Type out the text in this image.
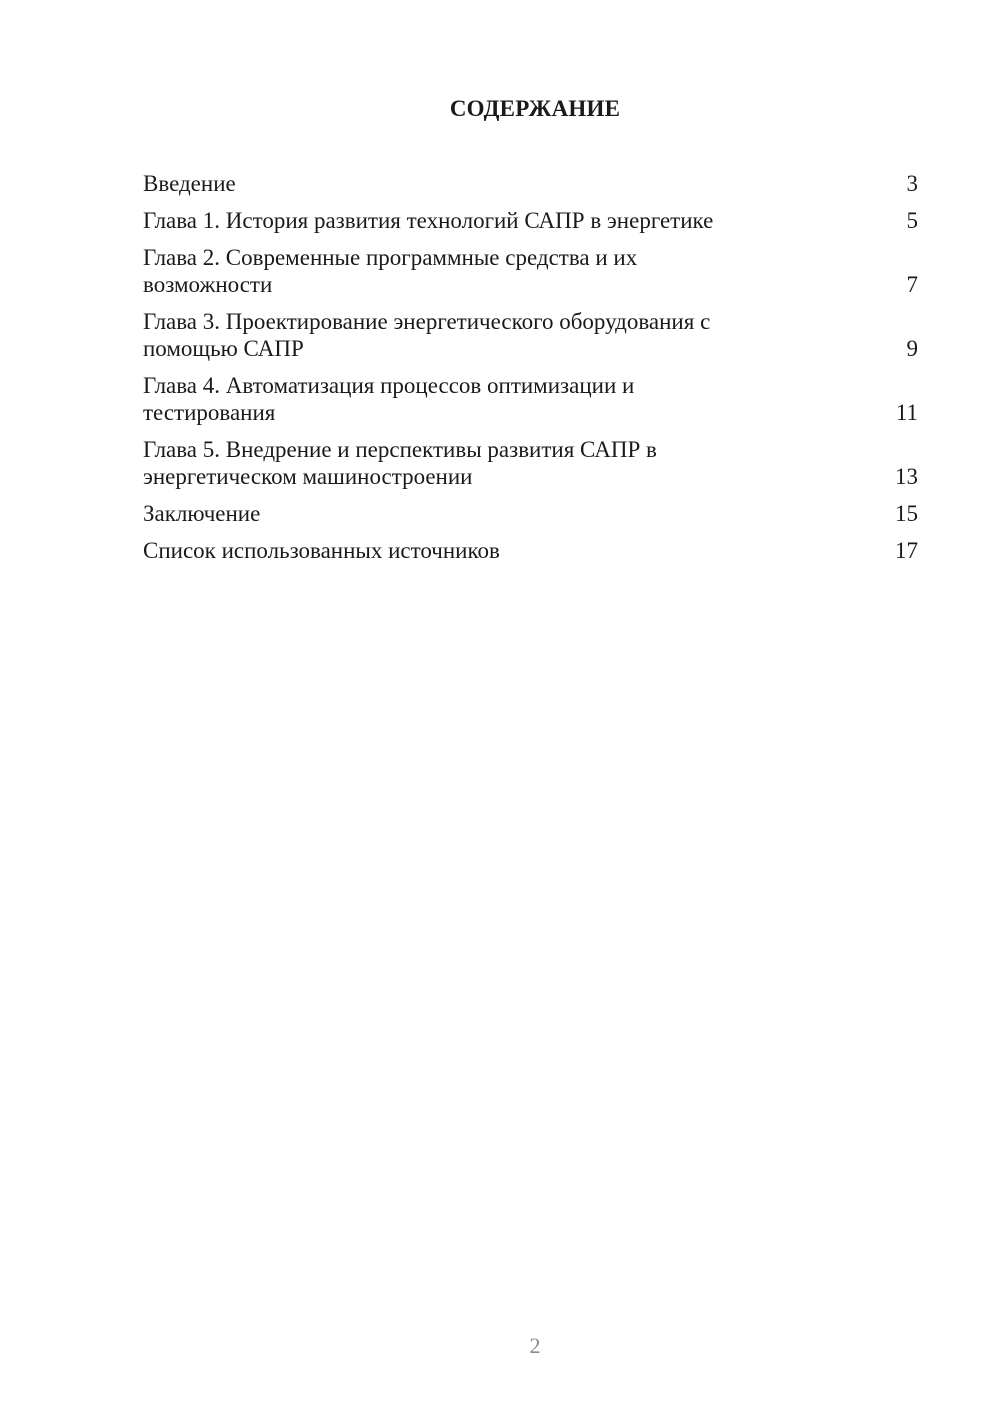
СОДЕРЖАНИЕ
Введение	3
Глава 1. История развития технологий САПР в энергетике	5
Глава 2. Современные программные средства и их возможности	7
Глава 3. Проектирование энергетического оборудования с помощью САПР	9
Глава 4. Автоматизация процессов оптимизации и тестирования	11
Глава 5. Внедрение и перспективы развития САПР в энергетическом машиностроении	13
Заключение	15
Список использованных источников	17
2
